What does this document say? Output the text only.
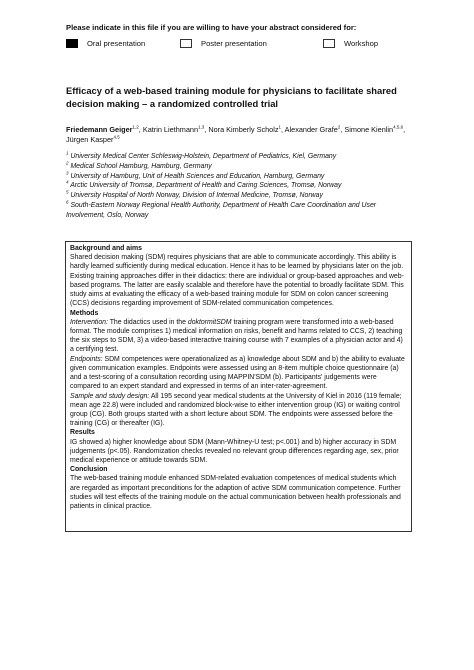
Please indicate in this file if you are willing to have your abstract considered for:
Oral presentation	Poster presentation	Workshop
Efficacy of a web-based training module for physicians to facilitate shared decision making – a randomized controlled trial
Friedemann Geiger$^{1,2}$, Katrin Liethmann$^{1,3}$, Nora Kimberly Scholz$^1$, Alexander Grafe$^2$, Simone Kienlin$^{4,5,6}$, Jürgen Kasper$^{4,5}$

$^1$ University Medical Center Schleswig-Holstein, Department of Pediatrics, Kiel, Germany

$^2$ Medical School Hamburg, Hamburg, Germany

$^3$ University of Hamburg, Unit of Health Sciences and Education, Hamburg, Germany

$^4$ Arctic University of Tromsø, Department of Health and Caring Sciences, Tromsø, Norway

$^5$ University Hospital of North Norway, Division of Internal Medicine, Tromsø, Norway

$^6$ South-Eastern Norway Regional Health Authority, Department of Health Care Coordination and User Involvement, Oslo, Norway

Background and aims

Shared decision making (SDM) requires physicians that are able to communicate accordingly. This ability is hardly learned sufficiently during medical education. Hence it has to be learned by physicians later on the job. Existing training approaches differ in their didactics: there are individual or group-based approaches and web-based programs. The latter are easily scalable and therefore have the potential to broadly facilitate SDM. This study aims at evaluating the efficacy of a web-based training module for SDM on colon cancer screening (CCS) decisions regarding improvement of SDM-related communication competences.

Methods

Intervention: The didactics used in the doktormitSDM training program were transformed into a web-based format. The module comprises 1) medical information on risks, benefit and harms related to CCS, 2) teaching the six steps to SDM, 3) a video-based interactive training course with 7 examples of a physician actor and 4) a certifying test.

Endpoints: SDM competences were operationalized as a) knowledge about SDM and b) the ability to evaluate given communication examples. Endpoints were assessed using an 8-item multiple choice questionnaire (a) and a test-scoring of a consultation recording using MAPPIN'SDM (b). Participants' judgements were compared to an expert standard and expressed in terms of an inter-rater-agreement.

Sample and study design: All 195 second year medical students at the University of Kiel in 2016 (119 female; mean age 22.8) were included and randomized block-wise to either intervention group (IG) or waiting control group (CG). Both groups started with a short lecture about SDM. The endpoints were assessed before the training (CG) or thereafter (IG).

Results

IG showed a) higher knowledge about SDM (Mann-Whitney-U test; p<.001) and b) higher accuracy in SDM judgements (p<.05). Randomization checks revealed no relevant group differences regarding age, sex, prior medical experience or attitude towards SDM.

Conclusion

The web-based training module enhanced SDM-related evaluation competences of medical students which are regarded as important preconditions for the adaption of active SDM communication competence. Further studies will test effects of the training module on the actual communication between health professionals and patients in clinical practice.
